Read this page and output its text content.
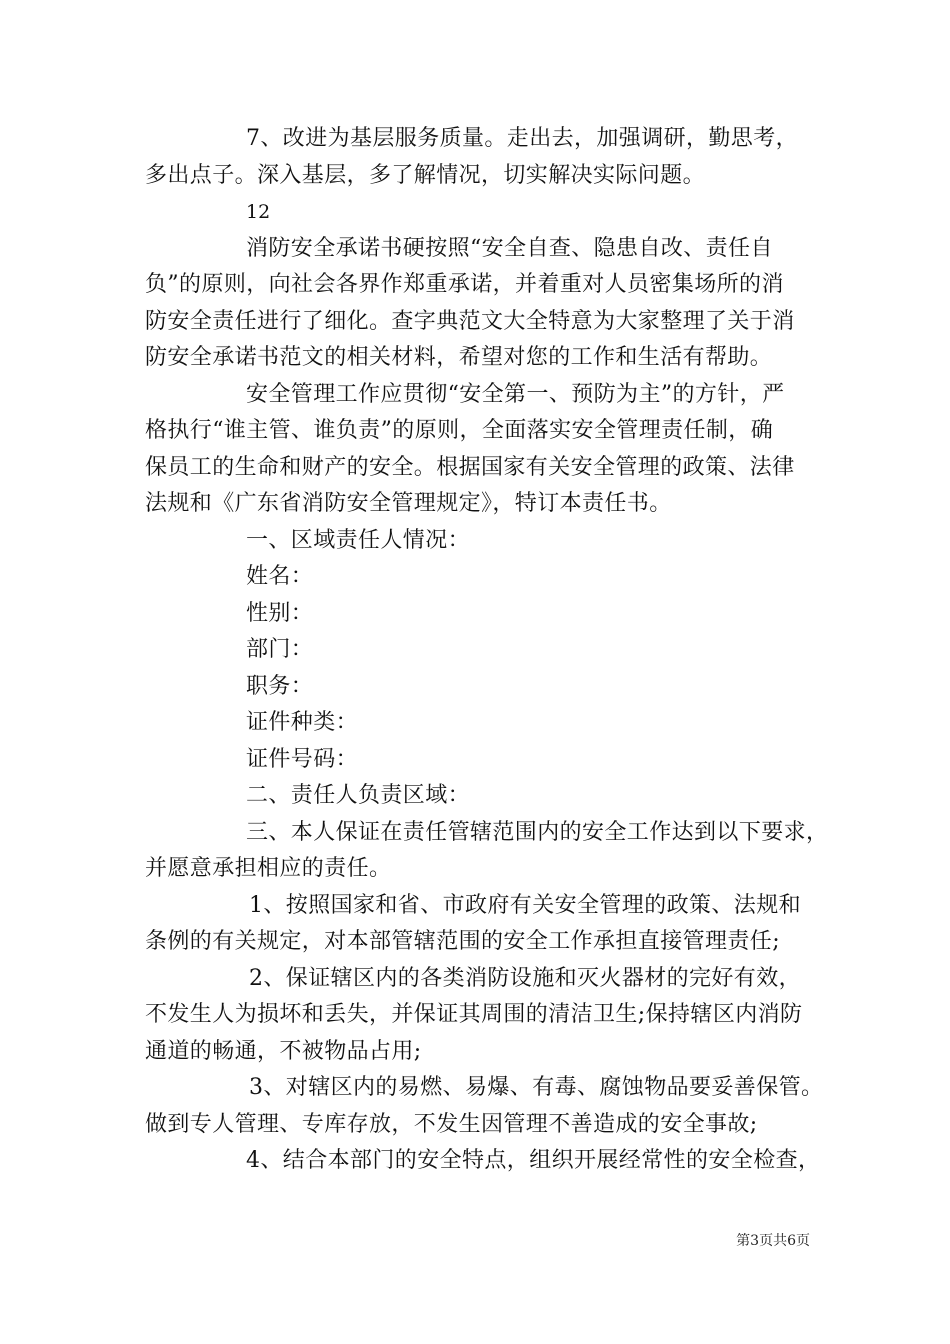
7、改进为基层服务质量。走出去，加强调研，勤思考，
多出点子。深入基层，多了解情况，切实解决实际问题。
12
消防安全承诺书硬按照“安全自查、隐患自改、责任自
负”的原则，向社会各界作郑重承诺，并着重对人员密集场所的消
防安全责任进行了细化。查字典范文大全特意为大家整理了关于消
防安全承诺书范文的相关材料，希望对您的工作和生活有帮助。
安全管理工作应贯彻“安全第一、预防为主”的方针，严
格执行“谁主管、谁负责”的原则，全面落实安全管理责任制，确
保员工的生命和财产的安全。根据国家有关安全管理的政策、法律
法规和《广东省消防安全管理规定》，特订本责任书。
一、区域责任人情况：
姓名：
性别：
部门：
职务：
证件种类：
证件号码：
二、责任人负责区域：
三、本人保证在责任管辖范围内的安全工作达到以下要求，
并愿意承担相应的责任。
1、按照国家和省、市政府有关安全管理的政策、法规和
条例的有关规定，对本部管辖范围的安全工作承担直接管理责任;
2、保证辖区内的各类消防设施和灭火器材的完好有效，
不发生人为损坏和丢失，并保证其周围的清洁卫生;保持辖区内消防
通道的畅通，不被物品占用;
3、对辖区内的易燃、易爆、有毒、腐蚀物品要妥善保管。
做到专人管理、专库存放，不发生因管理不善造成的安全事故;
4、结合本部门的安全特点，组织开展经常性的安全检查，
第3页共6页
